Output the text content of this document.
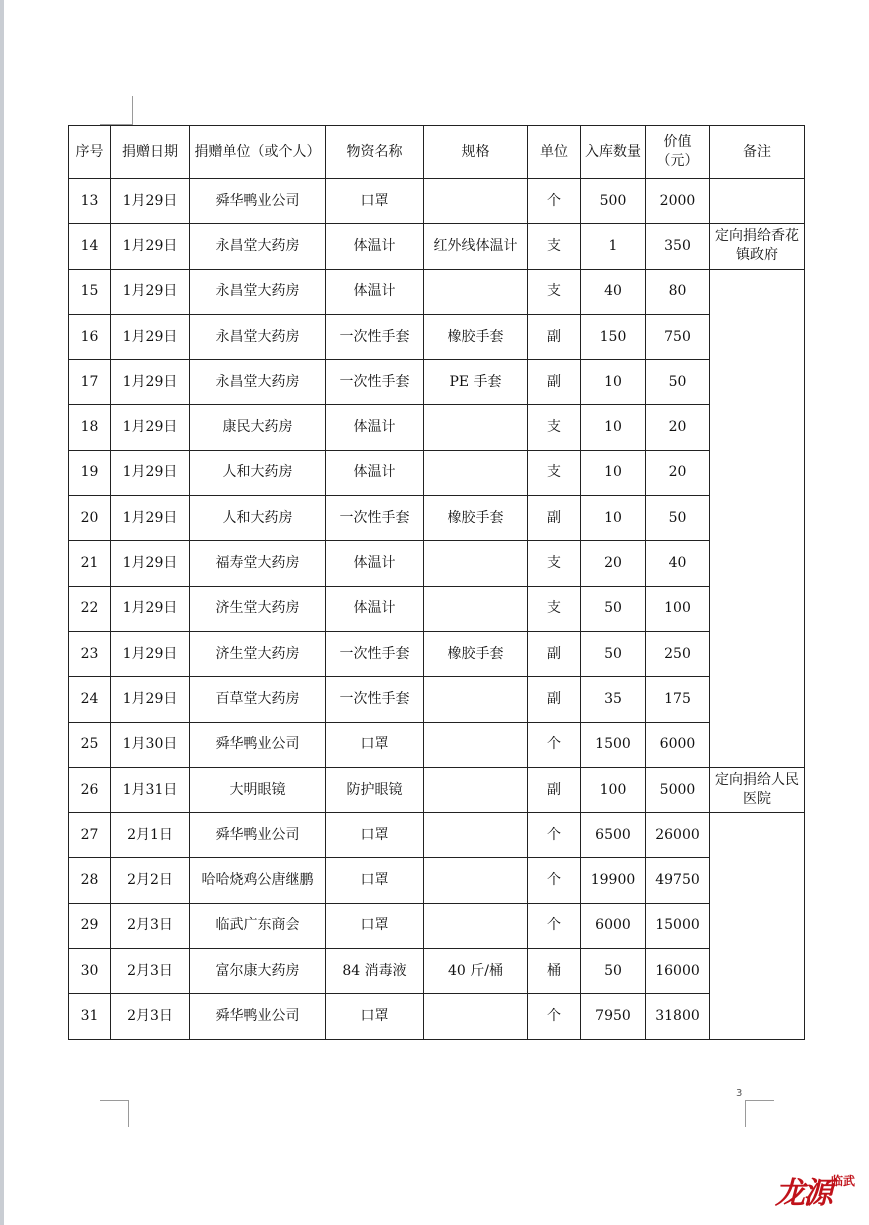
序号	捐赠日期	捐赠单位（或个人）	物资名称	规格	单位	入库数量	价值（元）	备注
13	1月29日	舜华鸭业公司	口罩		个	500	2000	
14	1月29日	永昌堂大药房	体温计	红外线体温计	支	1	350	定向捐给香花镇政府
15	1月29日	永昌堂大药房	体温计		支	40	80	
16	1月29日	永昌堂大药房	一次性手套	橡胶手套	副	150	750	
17	1月29日	永昌堂大药房	一次性手套	PE 手套	副	10	50	
18	1月29日	康民大药房	体温计		支	10	20	
19	1月29日	人和大药房	体温计		支	10	20	
20	1月29日	人和大药房	一次性手套	橡胶手套	副	10	50	
21	1月29日	福寿堂大药房	体温计		支	20	40	
22	1月29日	济生堂大药房	体温计		支	50	100	
23	1月29日	济生堂大药房	一次性手套	橡胶手套	副	50	250	
24	1月29日	百草堂大药房	一次性手套		副	35	175	
25	1月30日	舜华鸭业公司	口罩		个	1500	6000	
26	1月31日	大明眼镜	防护眼镜		副	100	5000	定向捐给人民医院
27	2月1日	舜华鸭业公司	口罩		个	6500	26000	
28	2月2日	哈哈烧鸡公唐继鹏	口罩		个	19900	49750	
29	2月3日	临武广东商会	口罩		个	6000	15000	
30	2月3日	富尔康大药房	84 消毒液	40 斤/桶	桶	50	16000	
31	2月3日	舜华鸭业公司	口罩		个	7950	31800	
3
龙源 临武
